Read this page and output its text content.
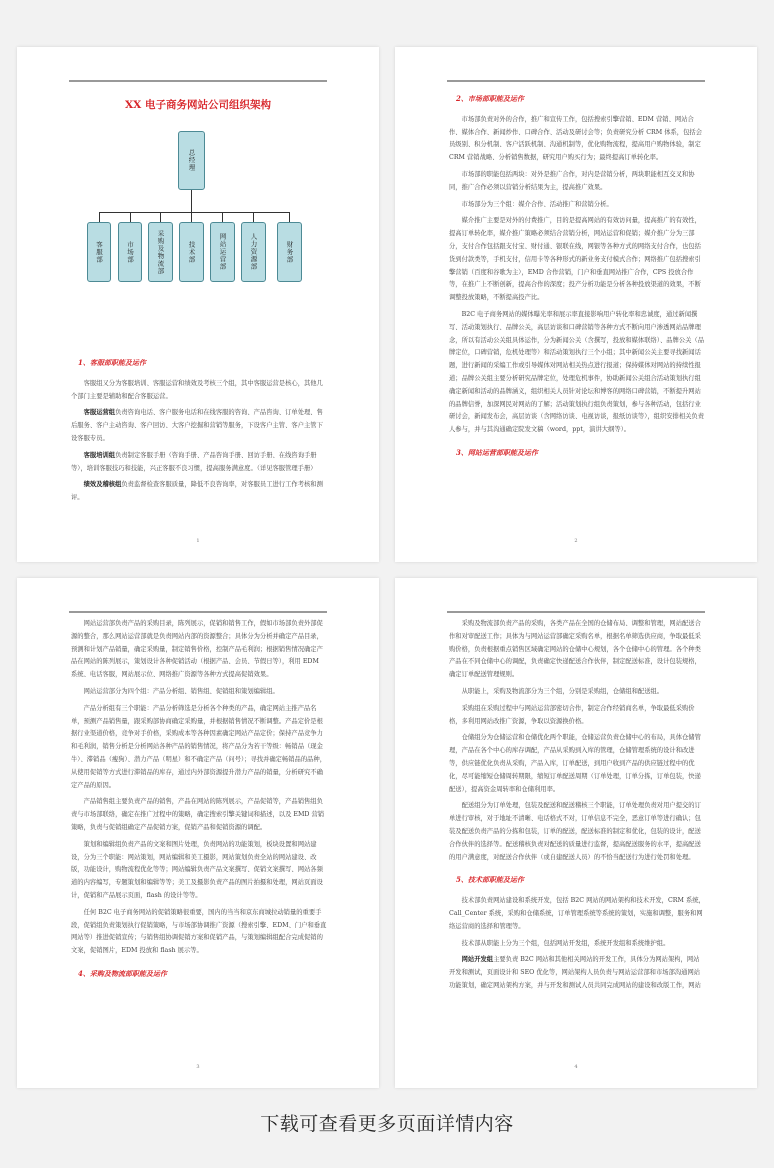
XX 电子商务网站公司组织架构
总经理
客服部	市场部	采购及物流部	技术部	网站运营部	人力资源部	财务部

1、客服部职能及运作

客服组又分为客服培训、客服运营和绩效及考核三个组，其中客服运营是核心，其他几个部门主要是辅助和配合客服运营。

客服运营组负责咨询电话、客户服务电话和在线客服的咨询、产品咨询、订单处理、售后服务、客户主动咨询、客户回访、大客户挖掘和营销等服务，下设客户主管、客户主管下设客服专员。

客服培训组负责制定客服手册（咨询手册、产品咨询手册、回访手册、在线咨询手册等），培训客服技巧和技能，兴正客服不良习惯，提高服务满意度。（详见客服管理手册）

绩效及稽核组负责监督检查客服质量，降低不良咨询率，对客服员工进行工作考核和测评。

1

2、市场部职能及运作

市场部负责对外的合作，推广和宣传工作，包括搜索引擎营销、EDM 营销、网站合作、媒体合作、新闻炒作、口碑合作、活动及研讨会等；负责研究分析 CRM 体系，包括会员级别、积分机制、客户活跃机制、沟通机制等，优化购物流程，提高用户购物体验，制定 CRM 营销战略、分析销售数据，研究用户购买行为；最终提高订单转化率。

市场部的职能包括两块：对外是推广合作，对内是营销分析，两块职能相互交叉和协同，推广合作必须以营销分析结果为主，提高推广效果。

市场部分为三个组：媒介合作、活动推广和营销分析。

媒介推广主要是对外的付费推广，目的是提高网站的有效访问量，提高推广的有效性，提高订单转化率，媒介推广策略必须结合营销分析，网站运营和促销；媒介推广分为三部分，支付合作包括跟支付宝、财付通、银联在线，网银等各种方式的网络支付合作，也包括货到付款类等，手机支付，信用卡等各种形式的新业务支付模式合作；网络推广包括搜索引擎营销（百度和谷歌为主），EMD 合作营销，门户和垂直网站推广合作，CPS 投放合作等，在推广上不断创新，提高合作的深度；投产分析功能是分析各种投放渠道的效果，不断调整投放策略，不断提高投产比。

B2C 电子商务网站的媒体曝光率和展示率直接影响用户转化率和忠诚度，通过新闻撰写、活动策划执行、品牌公关，高层访谈和口碑营销等各种方式不断向用户渗透网站品牌理念，所以有活动公关组具体运作，分为新闻公关（含撰写，投放和媒体联络）、品牌公关（品牌定位，口碑营销，危机处理等）和活动策划执行三个小组；其中新闻公关主要寻找新闻话题，进行新闻的采编工作或引导媒体对网站相关热点进行报道；保持媒体对网站的持续性报道；品牌公关组主要分析研究品牌定位，处理危机事件，协助新闻公关组合活动策划执行组确定新闻和活动的品牌涵义，组织相关人员针对论坛和博客的网络口碑营销，不断提升网站的品牌信誉，加深网民对网站的了解；活动策划执行组负责策划，参与各种活动，包括行业研讨会，新闻发布会，高层访谈（含网络访谈、电视访谈，报纸访谈等），组织安排相关负责人参与，并与其沟通确定院发文稿（word，ppt，演讲大纲等）。

3、网站运营部职能及运作

2

网站运营部负责产品的采购目录，陈列展示，促销和销售工作，假如市场部负责外部促源的整合，那么网站运营部就是负责网站内部的资源整合；具体分为分析并确定产品目录，预测和计划产品销量，确定采购量，制定销售价格，控制产品毛利润；根据销售情况确定产品在网站的陈列展示，策划设计各种促销活动（根据产品、会员、节假日等），利用 EDM 系统、电话客服，网站展示位、网络推广资源等各种方式提高促销效果。

网站运营部分为四个组：产品分析组、销售组、促销组和策划编辑组。

产品分析组有三个职能：产品分析筛选是分析各个种类的产品，确定网站主推产品名单，预测产品销售量，跟采购部协商确定采购量，并根据销售情况不断调整。产品定价是根据行业渠道价格，竞争对手价格，采购成本等各种因素确定网站产品定价；保持产品竞争力和毛利润，销售分析是分析网站各种产品的销售情况，将产品分为若干等级：畅销品（现金牛）、滞销品（瘦狗）、潜力产品（明星）和不确定产品（问号）；寻找并确定畅销品的品种，从使用促销等方式进行滞销品的库存，通过内外部资源提升潜力产品的销量，分析研究不确定产品的原因。

产品销售组主要负责产品的销售，产品在网站的陈列展示，产品促销等，产品销售组负责与市场部联络，确定在推广过程中的策略，确定搜索引擎关键词和描述，以及 EMD 营销策略，负责与促销组确定产品促销方案，促销产品和促销资源的调配。

策划和编辑组负责产品的文案和图片处理，负责网站的功能策划，板块设置和网站建设，分为三个职能：网站策划，网站编辑和美工摄影，网站策划负责全站的网站建设、改版，功能设计，购物流程优化等等；网站编辑负责产品文案撰写、促销文案撰写、网站各频道的内容编写，专题策划和编辑等等；美工及摄影负责产品的图片拍摄和处理，网站页面设计，促销和产品展示页面，flash 的设计等等。

任何 B2C 电子商务网站的促销策略很重要，国内的当当和京东商城拉动销量的重要手段，促销组负责策划执行促销策略，与市场部协调推广资源（搜索引擎、EDM、门户和垂直网站等）推进促销宣传；与销售组协调促销方案和促销产品，与策划编辑组配合完成促销的文案，促销图片，EDM 投放和 flash 展示等。

4、采购及物流部职能及运作

3

采购及物流部负责产品的采购，各类产品在全国的仓储布局、调整和管理，网站配送合作和对审配送工作；具体为与网站运营部确定采购名单，根据名单筛选供应商，争取最低采购价格，负责根据重点销售区域确定网站的仓储中心规划，各个仓储中心的管理。各个种类产品在不同仓储中心的调配，负责确定快递配送合作伙伴，制定配送标准，设计包装规格，确定订单配送管理规则。

从职能上，采购及物流部分为三个组，分别是采购组，仓储组和配送组。

采购组在采购过程中与网站运营部密切合作，制定合作经销商名单，争取最低采购价格，多利用网站改推广资源，争取以资源换价格。

仓储组分为仓储运营和仓储优化两个职能，仓储运营负责仓储中心的布局，具体仓储管理，产品在各个中心的库存调配，产品从采购到入库的管理，仓储管理系统的设计和改进等，供应链优化负责从采购，产品入库，订单配送，到用户收到产品的供应链过程中的优化，尽可能缩短仓储周转期限，缩短订单配送周期（订单处理，订单分拣，订单包装，快递配送），提高资金周转率和仓储利用率。

配送组分为订单处理，包装及配送和配送稽核三个职能，订单处理负责对用户提交的订单进行审核，对于地址不清晰、电话格式不对，订单信息不完全，恶意订单等进行确认；包装及配送负责产品的分拣和包装，订单的配送，配送标准的制定和优化，包装的设计，配送合作伙伴的选择等。配送稽核负责对配送的质量进行监督，提高配送服务的水平，提高配送的用户满意度，对配送合作伙伴（或自建配送人员）的不恰当配送行为进行处罚和处理。

5、技术部职能及运作

技术部负责网站建设和系统开发，包括 B2C 网站的网站架构和技术开发，CRM 系统，Call_Center 系统，采购和仓储系统，订单管理系统等系统的策划，实施和调整，服务和网络运营商的选择和管理等。

技术部从职能上分为三个组，包括网站开发组，系统开发组和系统维护组。

网站开发组主要负责 B2C 网站和其他相关网站的开发工作，具体分为网站架构，网站开发和测试，页面设计和 SEO 优化等，网站架构人员负责与网站运营部和市场部沟通网站功能策划，确定网站架构方案，并与开发和测试人员共同完成网站的建设和改版工作，网站

4
下载可查看更多页面详情内容
